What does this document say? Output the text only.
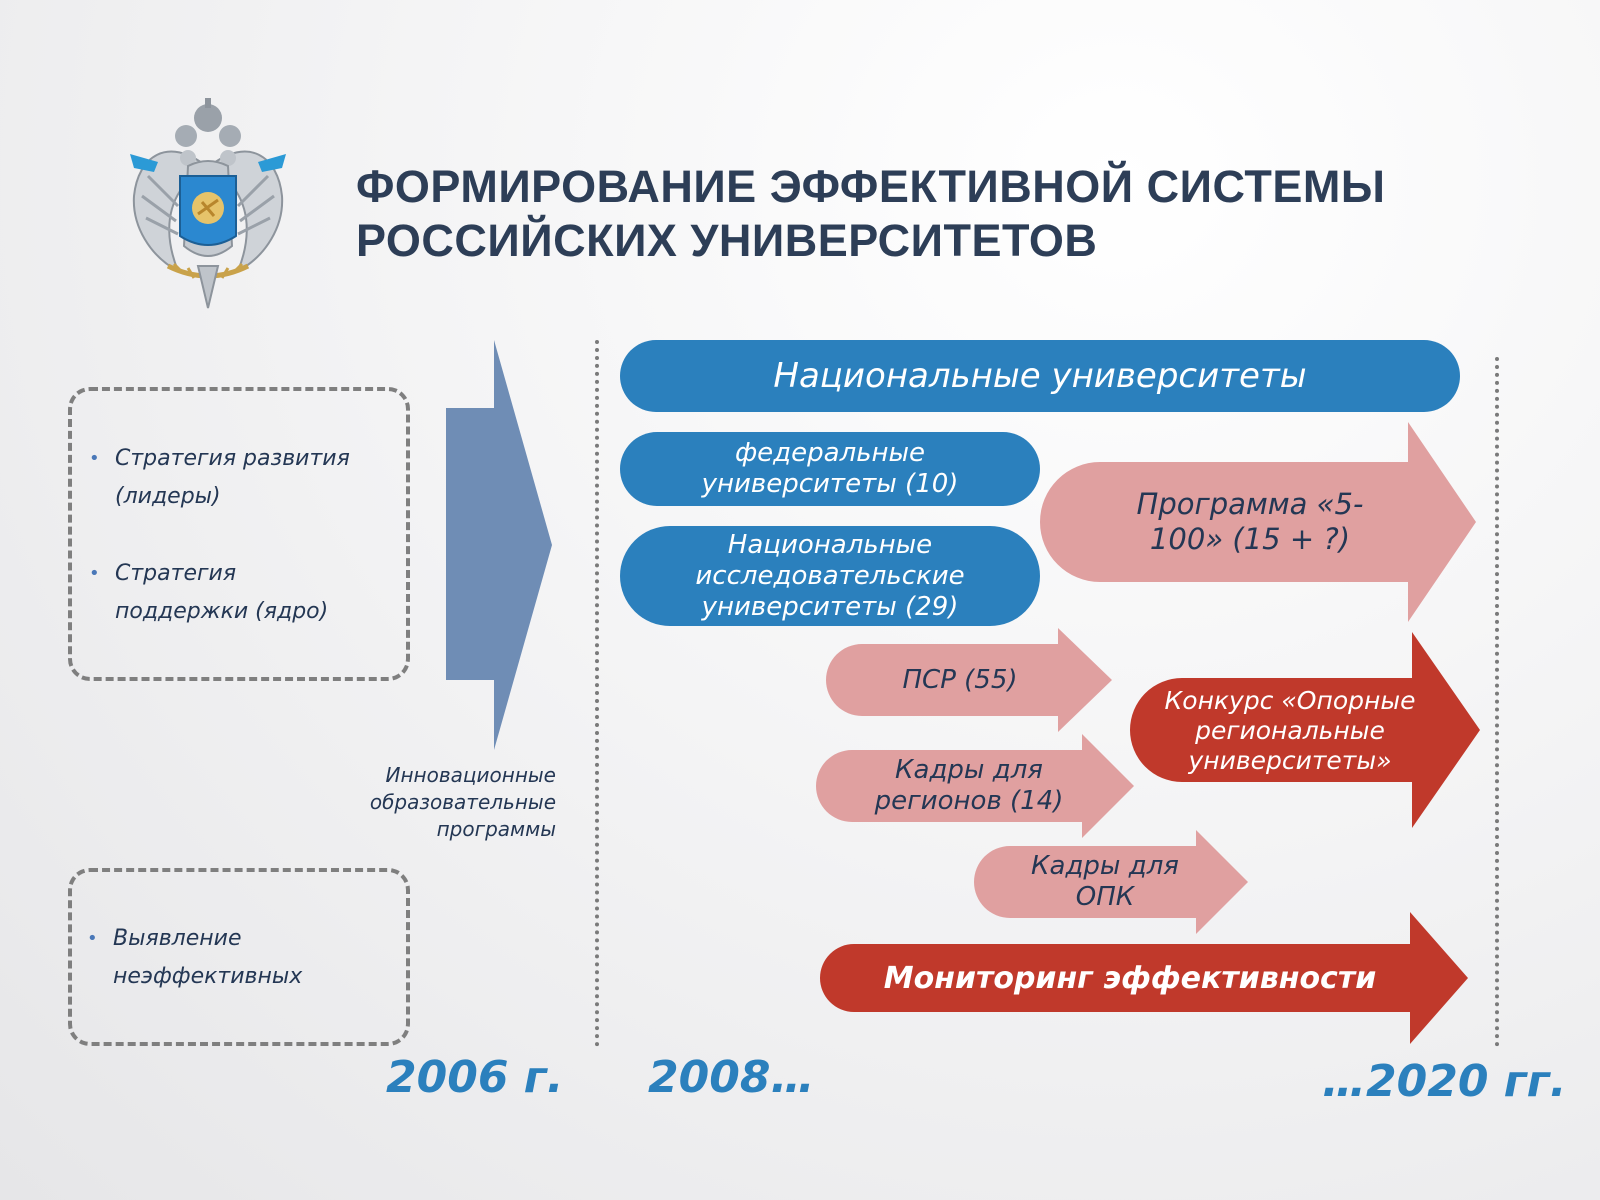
ФОРМИРОВАНИЕ ЭФФЕКТИВНОЙ СИСТЕМЫ
РОССИЙСКИХ УНИВЕРСИТЕТОВ
• Стратегия развития (лидеры)
• Стратегия поддержки (ядро)
• Выявление неэффективных
Инновационные образовательные программы
Национальные университеты
федеральные университеты (10)
Национальные исследовательские университеты (29)
Программа «5-100» (15 + ?)
ПСР (55)
Конкурс «Опорные региональные университеты»
Кадры для регионов (14)
Кадры для ОПК
Мониторинг эффективности
2006 г. 2008…	…2020 гг.
